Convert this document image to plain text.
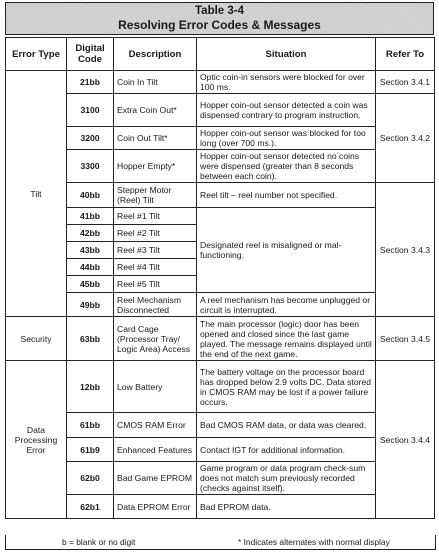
Table 3-4
Resolving Error Codes & Messages
Error Type	Digital Code	Description	Situation	Refer To
Tilt	21bb	Coin In Tilt	Optic coin-in sensors were blocked for over 100 ms.	Section 3.4.1
	3100	Extra Coin Out*	Hopper coin-out sensor detected a coin was dispensed contrary to program instruction.	Section 3.4.2
	3200	Coin Out Tilt*	Hopper coin-out sensor was blocked for too long (over 700 ms.).	
	3300	Hopper Empty*	Hopper coin-out sensor detected no coins were dispensed (greater than 8 seconds between each coin).	
	40bb	Stepper Motor (Reel) Tilt	Reel tilt – reel number not specified.	Section 3.4.3
	41bb	Reel #1 Tilt	Designated reel is misaligned or mal-functioning.	
	42bb	Reel #2 Tilt		
	43bb	Reel #3 Tilt		
	44bb	Reel #4 Tilt		
	45bb	Reel #5 Tilt		
	49bb	Reel Mechanism Disconnected	A reel mechanism has become unplugged or circuit is interrupted.	
Security	63bb	Card Cage (Processor Tray/ Logic Area) Access	The main processor (logic) door has been opened and closed since the last game played. The message remains displayed until the end of the next game.	Section 3.4.5
Data Processing Error	12bb	Low Battery	The battery voltage on the processor board has dropped below 2.9 volts DC. Data stored in CMOS RAM may be lost if a power failure occurs.	Section 3.4.4
	61bb	CMOS RAM Error	Bad CMOS RAM data, or data was cleared.	
	61b9	Enhanced Features	Contact IGT for additional information.	
	62b0	Bad Game EPROM	Game program or data program check-sum does not match sum previously recorded (checks against itself).	
	62b1	Data EPROM Error	Bad EPROM data.	
b = blank or no digit	* Indicates alternates with normal display
